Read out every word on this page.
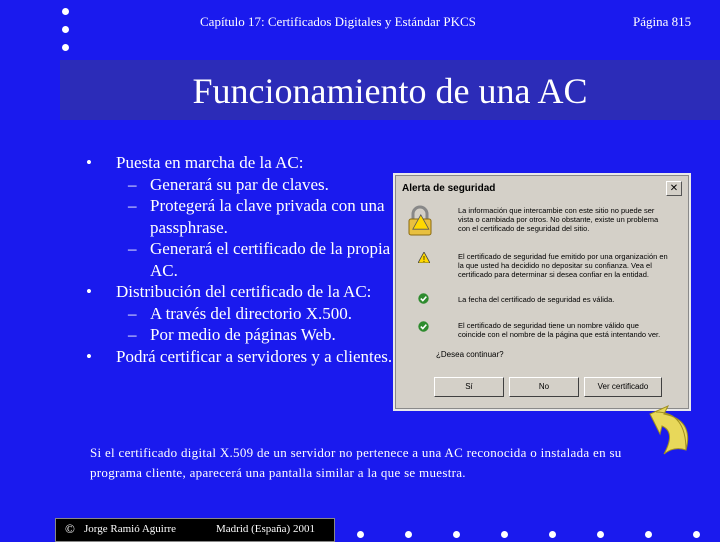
Capítulo 17: Certificados Digitales y Estándar PKCS	Página 815
Funcionamiento de una AC
• Puesta en marcha de la AC:
– Generará su par de claves.
– Protegerá la clave privada con una passphrase.
– Generará el certificado de la propia AC.
• Distribución del certificado de la AC:
– A través del directorio X.500.
– Por medio de páginas Web.
• Podrá certificar a servidores y a clientes.
Alerta de seguridad	✕
La información que intercambie con este sitio no puede ser vista o cambiada por otros. No obstante, existe un problema con el certificado de seguridad del sitio.
!	El certificado de seguridad fue emitido por una organización en la que usted ha decidido no depositar su confianza. Vea el certificado para determinar si desea confiar en la entidad.
La fecha del certificado de seguridad es válida.
El certificado de seguridad tiene un nombre válido que coincide con el nombre de la página que está intentando ver.
¿Desea continuar?
Sí	No	Ver certificado
Si el certificado digital X.509 de un servidor no pertenece a una AC reconocida o instalada en su programa cliente, aparecerá una pantalla similar a la que se muestra.
© Jorge Ramió Aguirre	Madrid (España) 2001
